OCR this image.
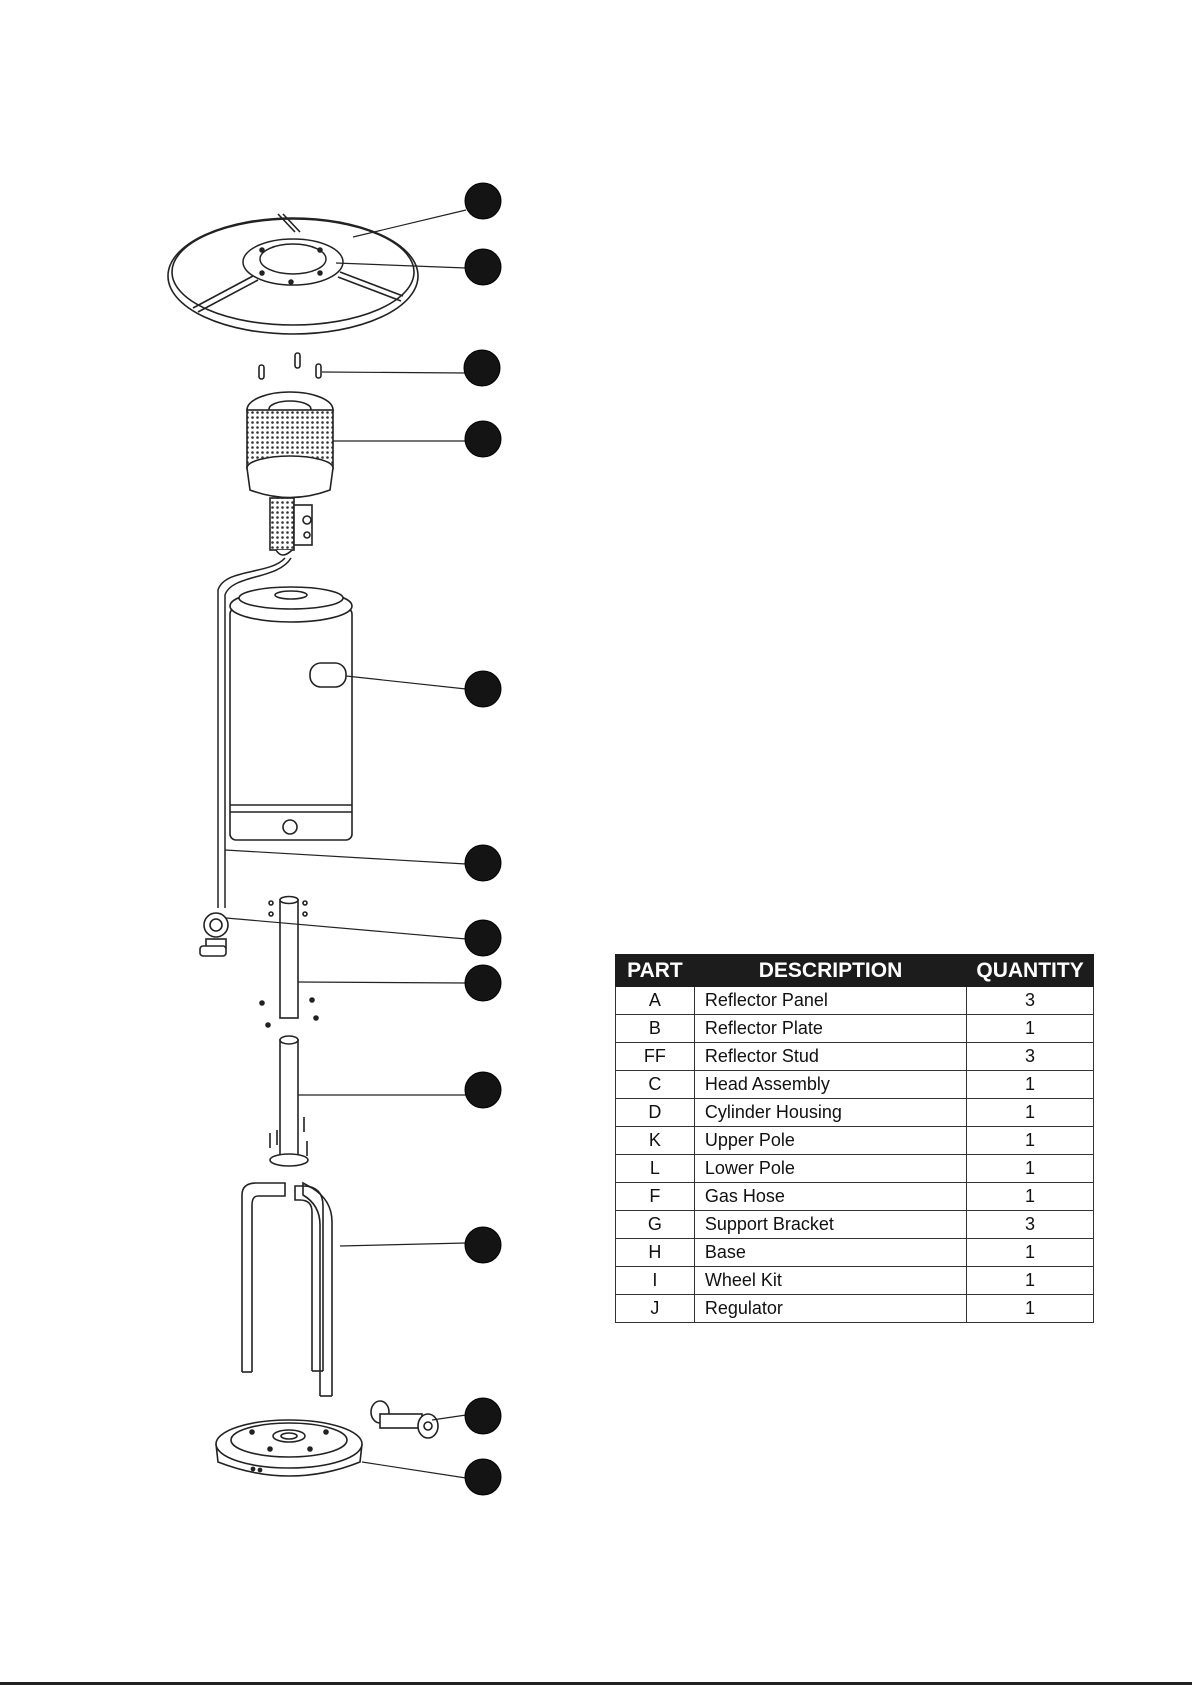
PART	DESCRIPTION	QUANTITY
A	Reflector Panel	3
B	Reflector Plate	1
FF	Reflector Stud	3
C	Head Assembly	1
D	Cylinder Housing	1
K	Upper Pole	1
L	Lower Pole	1
F	Gas Hose	1
G	Support Bracket	3
H	Base	1
I	Wheel Kit	1
J	Regulator	1
